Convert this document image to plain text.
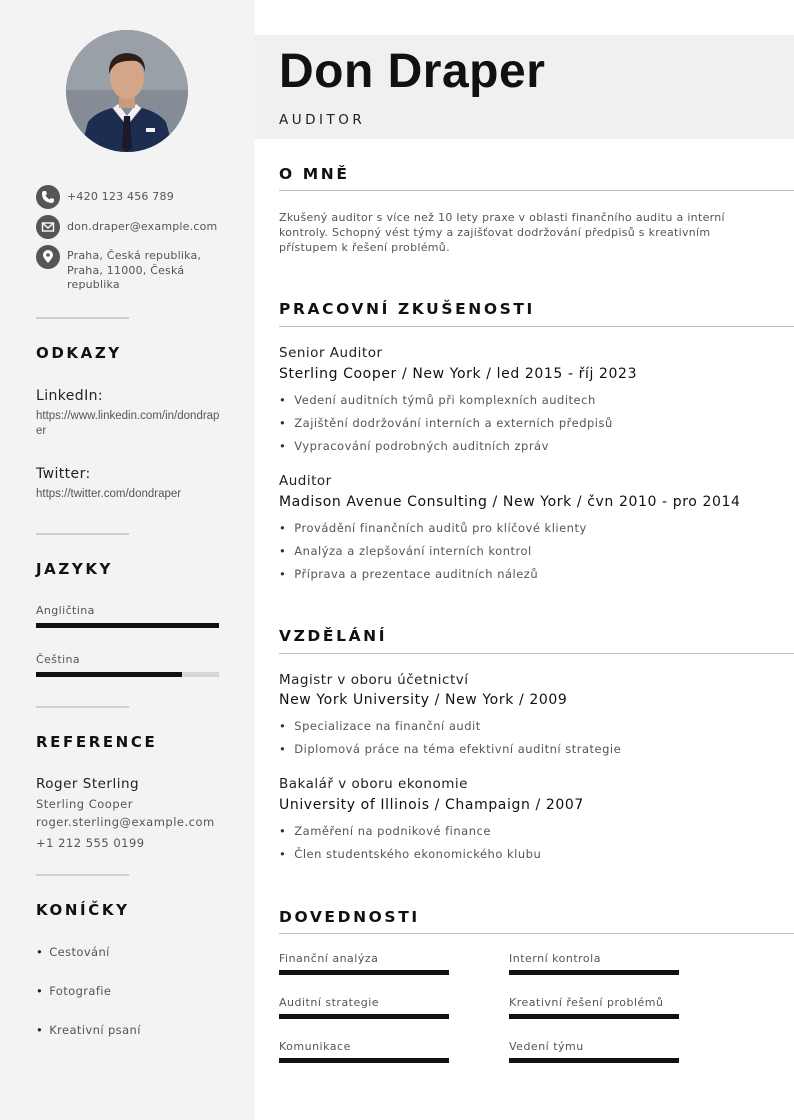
+420 123 456 789
don.draper@example.com
Praha, Česká republika, Praha, 11000, Česká republika
ODKAZY
LinkedIn:
https://www.linkedin.com/in/dondraper
Twitter:
https://twitter.com/dondraper
JAZYKY
Angličtina
Čeština
REFERENCE
Roger Sterling
Sterling Cooper
roger.sterling@example.com
+1 212 555 0199
KONÍČKY
• Cestování
• Fotografie
• Kreativní psaní
Don Draper
AUDITOR
O MNĚ
Zkušený auditor s více než 10 lety praxe v oblasti finančního auditu a interní kontroly. Schopný vést týmy a zajišťovat dodržování předpisů s kreativním přístupem k řešení problémů.
PRACOVNÍ ZKUŠENOSTI
Senior Auditor
Sterling Cooper / New York / led 2015 - říj 2023
• Vedení auditních týmů při komplexních auditech
• Zajištění dodržování interních a externích předpisů
• Vypracování podrobných auditních zpráv
Auditor
Madison Avenue Consulting / New York / čvn 2010 - pro 2014
• Provádění finančních auditů pro klíčové klienty
• Analýza a zlepšování interních kontrol
• Příprava a prezentace auditních nálezů
VZDĚLÁNÍ
Magistr v oboru účetnictví
New York University / New York / 2009
• Specializace na finanční audit
• Diplomová práce na téma efektivní auditní strategie
Bakalář v oboru ekonomie
University of Illinois / Champaign / 2007
• Zaměření na podnikové finance
• Člen studentského ekonomického klubu
DOVEDNOSTI
Finanční analýza	Interní kontrola
Auditní strategie	Kreativní řešení problémů
Komunikace	Vedení týmu
